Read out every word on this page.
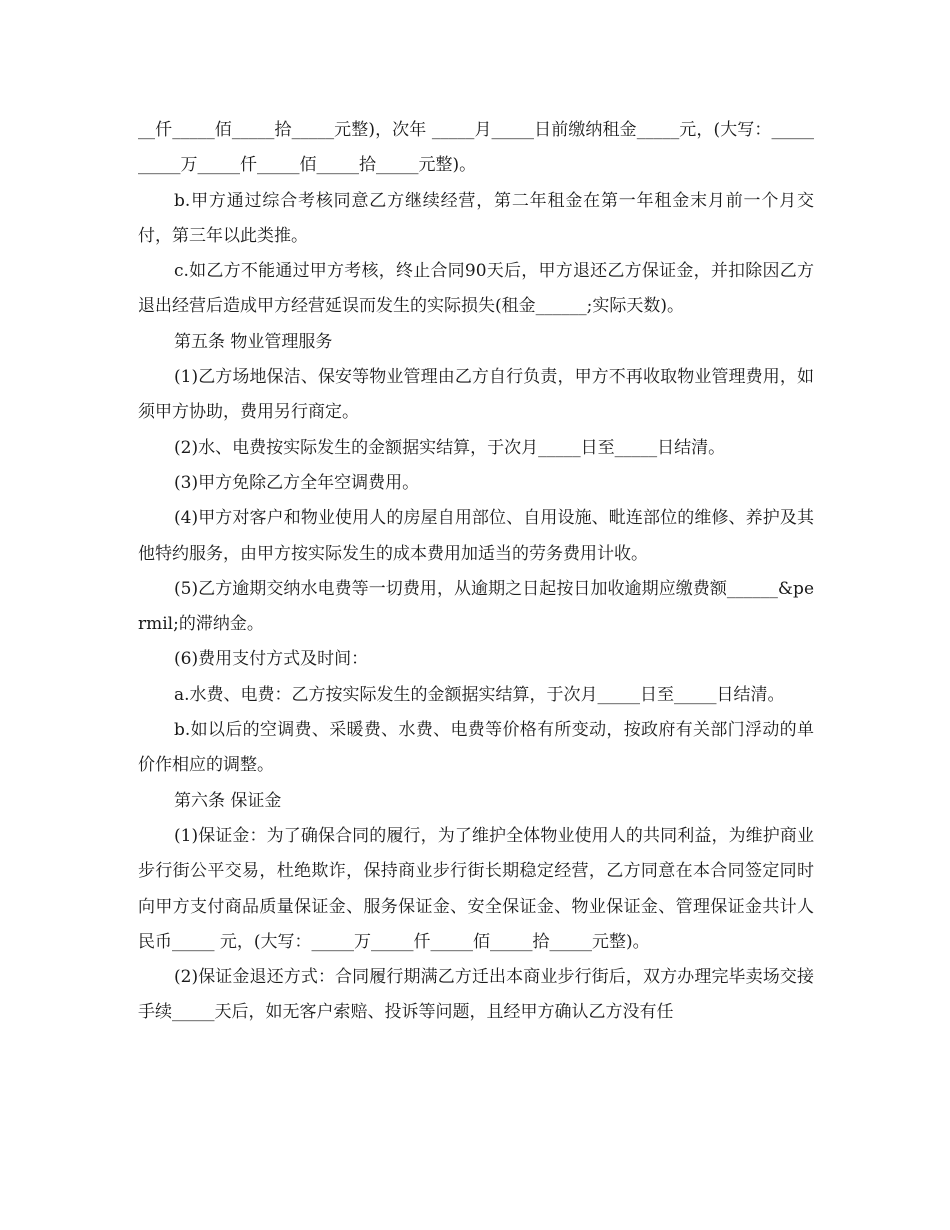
__仟_____佰_____拾_____元整)，次年 _____月_____日前缴纳租金_____元，(大写：__________万_____仟_____佰_____拾_____元整)。

b.甲方通过综合考核同意乙方继续经营，第二年租金在第一年租金末月前一个月交付，第三年以此类推。

c.如乙方不能通过甲方考核，终止合同90天后，甲方退还乙方保证金，并扣除因乙方退出经营后造成甲方经营延误而发生的实际损失(租金______;实际天数)。

第五条 物业管理服务

(1)乙方场地保洁、保安等物业管理由乙方自行负责，甲方不再收取物业管理费用，如须甲方协助，费用另行商定。

(2)水、电费按实际发生的金额据实结算，于次月_____日至_____日结清。

(3)甲方免除乙方全年空调费用。

(4)甲方对客户和物业使用人的房屋自用部位、自用设施、毗连部位的维修、养护及其他特约服务，由甲方按实际发生的成本费用加适当的劳务费用计收。

(5)乙方逾期交纳水电费等一切费用，从逾期之日起按日加收逾期应缴费额______&permil;的滞纳金。

(6)费用支付方式及时间：

a.水费、电费：乙方按实际发生的金额据实结算，于次月_____日至_____日结清。

b.如以后的空调费、采暖费、水费、电费等价格有所变动，按政府有关部门浮动的单价作相应的调整。

第六条 保证金

(1)保证金：为了确保合同的履行，为了维护全体物业使用人的共同利益，为维护商业步行街公平交易，杜绝欺诈，保持商业步行街长期稳定经营，乙方同意在本合同签定同时向甲方支付商品质量保证金、服务保证金、安全保证金、物业保证金、管理保证金共计人民币_____ 元，(大写：_____万_____仟_____佰_____拾_____元整)。

(2)保证金退还方式：合同履行期满乙方迁出本商业步行街后，双方办理完毕卖场交接手续_____天后，如无客户索赔、投诉等问题，且经甲方确认乙方没有任
